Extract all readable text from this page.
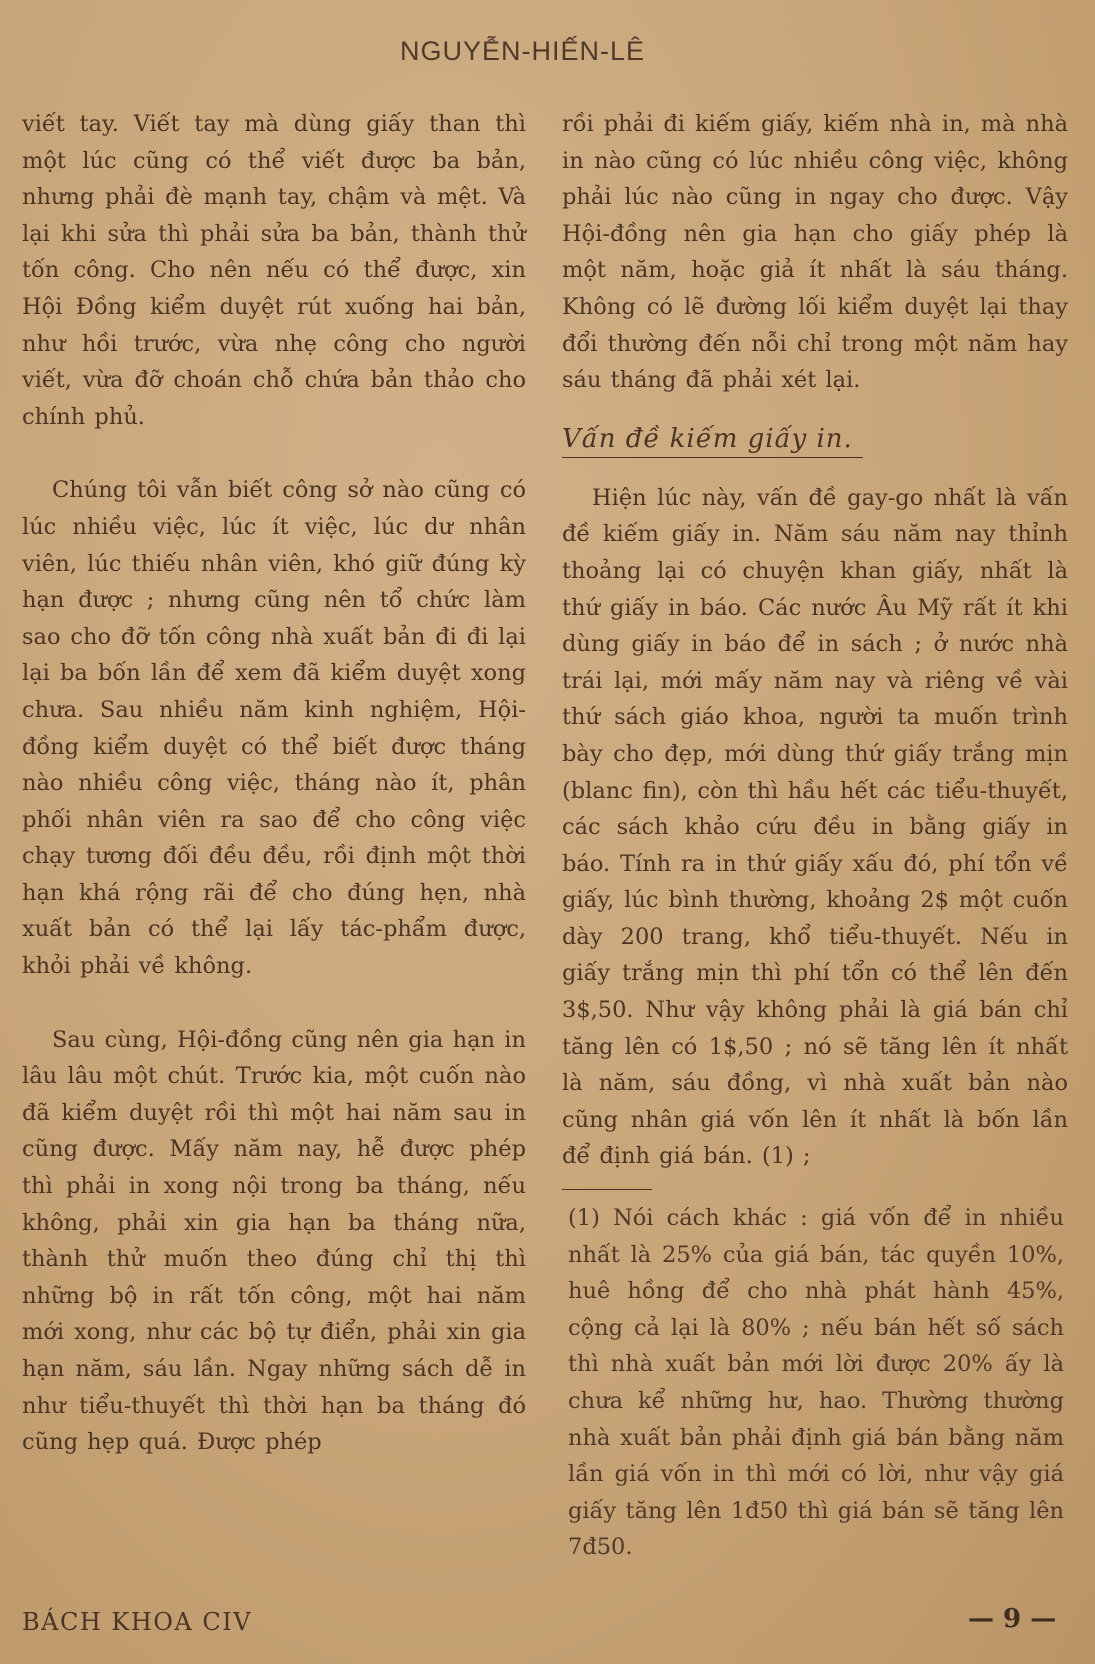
NGUYỄN-HIẾN-LÊ

viết tay. Viết tay mà dùng giấy than thì một lúc cũng có thể viết được ba bản, nhưng phải đè mạnh tay, chậm và mệt. Và lại khi sửa thì phải sửa ba bản, thành thử tốn công. Cho nên nếu có thể được, xin Hội Đồng kiểm duyệt rút xuống hai bản, như hồi trước, vừa nhẹ công cho người viết, vừa đỡ choán chỗ chứa bản thảo cho chính phủ.

Chúng tôi vẫn biết công sở nào cũng có lúc nhiều việc, lúc ít việc, lúc dư nhân viên, lúc thiếu nhân viên, khó giữ đúng kỳ hạn được ; nhưng cũng nên tổ chức làm sao cho đỡ tốn công nhà xuất bản đi đi lại lại ba bốn lần để xem đã kiểm duyệt xong chưa. Sau nhiều năm kinh nghiệm, Hội-đồng kiểm duyệt có thể biết được tháng nào nhiều công việc, tháng nào ít, phân phối nhân viên ra sao để cho công việc chạy tương đối đều đều, rồi định một thời hạn khá rộng rãi để cho đúng hẹn, nhà xuất bản có thể lại lấy tác-phẩm được, khỏi phải về không.

Sau cùng, Hội-đồng cũng nên gia hạn in lâu lâu một chút. Trước kia, một cuốn nào đã kiểm duyệt rồi thì một hai năm sau in cũng được. Mấy năm nay, hễ được phép thì phải in xong nội trong ba tháng, nếu không, phải xin gia hạn ba tháng nữa, thành thử muốn theo đúng chỉ thị thì những bộ in rất tốn công, một hai năm mới xong, như các bộ tự điển, phải xin gia hạn năm, sáu lần. Ngay những sách dễ in như tiểu-thuyết thì thời hạn ba tháng đó cũng hẹp quá. Được phép

rồi phải đi kiếm giấy, kiếm nhà in, mà nhà in nào cũng có lúc nhiều công việc, không phải lúc nào cũng in ngay cho được. Vậy Hội-đồng nên gia hạn cho giấy phép là một năm, hoặc giả ít nhất là sáu tháng. Không có lẽ đường lối kiểm duyệt lại thay đổi thường đến nỗi chỉ trong một năm hay sáu tháng đã phải xét lại.

Vấn đề kiếm giấy in.

Hiện lúc này, vấn đề gay-go nhất là vấn đề kiếm giấy in. Năm sáu năm nay thỉnh thoảng lại có chuyện khan giấy, nhất là thứ giấy in báo. Các nước Âu Mỹ rất ít khi dùng giấy in báo để in sách ; ở nước nhà trái lại, mới mấy năm nay và riêng về vài thứ sách giáo khoa, người ta muốn trình bày cho đẹp, mới dùng thứ giấy trắng mịn (blanc fin), còn thì hầu hết các tiểu-thuyết, các sách khảo cứu đều in bằng giấy in báo. Tính ra in thứ giấy xấu đó, phí tổn về giấy, lúc bình thường, khoảng 2$ một cuốn dày 200 trang, khổ tiểu-thuyết. Nếu in giấy trắng mịn thì phí tổn có thể lên đến 3$,50. Như vậy không phải là giá bán chỉ tăng lên có 1$,50 ; nó sẽ tăng lên ít nhất là năm, sáu đồng, vì nhà xuất bản nào cũng nhân giá vốn lên ít nhất là bốn lần để định giá bán. (1) ;

(1) Nói cách khác : giá vốn để in nhiều nhất là 25% của giá bán, tác quyền 10%, huê hồng để cho nhà phát hành 45%, cộng cả lại là 80% ; nếu bán hết số sách thì nhà xuất bản mới lời được 20% ấy là chưa kể những hư, hao. Thường thường nhà xuất bản phải định giá bán bằng năm lần giá vốn in thì mới có lời, như vậy giá giấy tăng lên 1đ50 thì giá bán sẽ tăng lên 7đ50.

BÁCH KHOA CIV	— 9 —
